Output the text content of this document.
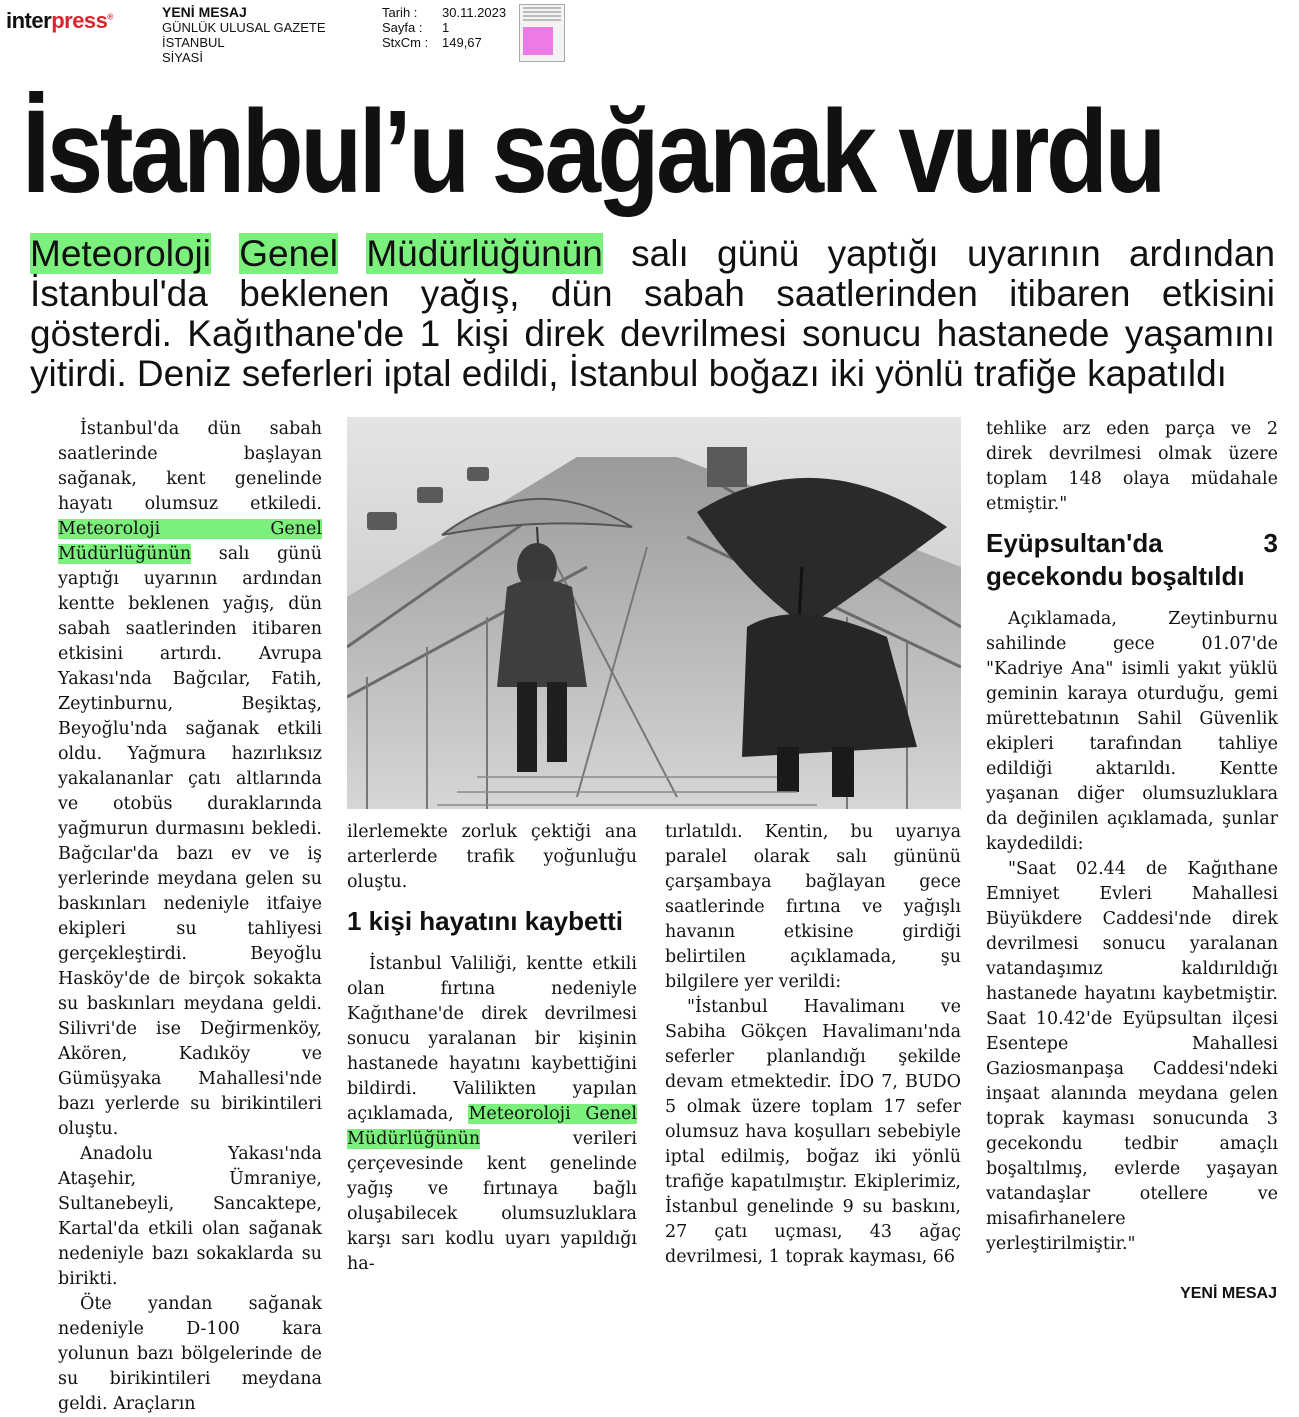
interpress®	YENİ MESAJ
GÜNLÜK ULUSAL GAZETE
İSTANBUL
SİYASİ
Tarih :	30.11.2023
Sayfa :	1
StxCm :	149,67
İstanbul’u sağanak vurdu
Meteoroloji Genel Müdürlüğünün salı günü yaptığı uyarının ardından İstanbul'da beklenen yağış, dün sabah saatlerinden itibaren etkisini gösterdi. Kağıthane'de 1 kişi direk devrilmesi sonucu hastanede yaşamını yitirdi. Deniz seferleri iptal edildi, İstanbul boğazı iki yönlü trafiğe kapatıldı

İstanbul'da dün sabah saatlerinde başlayan sağanak, kent genelinde hayatı olumsuz etkiledi. Meteoroloji Genel Müdürlüğünün salı günü yaptığı uyarının ardından kentte beklenen yağış, dün sabah saatlerinden itibaren etkisini artırdı. Avrupa Yakası'nda Bağcılar, Fatih, Zeytinburnu, Beşiktaş, Beyoğlu'nda sağanak etkili oldu. Yağmura hazırlıksız yakalananlar çatı altlarında ve otobüs duraklarında yağmurun durmasını bekledi. Bağcılar'da bazı ev ve iş yerlerinde meydana gelen su baskınları nedeniyle itfaiye ekipleri su tahliyesi gerçekleştirdi. Beyoğlu Hasköy'de de birçok sokakta su baskınları meydana geldi. Silivri'de ise Değirmenköy, Akören, Kadıköy ve Gümüşyaka Mahallesi'nde bazı yerlerde su birikintileri oluştu.

Anadolu Yakası'nda Ataşehir, Ümraniye, Sultanebeyli, Sancaktepe, Kartal'da etkili olan sağanak nedeniyle bazı sokaklarda su birikti.

Öte yandan sağanak nedeniyle D-100 kara yolunun bazı bölgelerinde de su birikintileri meydana geldi. Araçların

ilerlemekte zorluk çektiği ana arterlerde trafik yoğunluğu oluştu.

1 kişi hayatını kaybetti

İstanbul Valiliği, kentte etkili olan fırtına nedeniyle Kağıthane'de direk devrilmesi sonucu yaralanan bir kişinin hastanede hayatını kaybettiğini bildirdi. Valilikten yapılan açıklamada, Meteoroloji Genel Müdürlüğünün	verileri çerçevesinde kent genelinde yağış ve fırtınaya bağlı oluşabilecek olumsuzluklara karşı sarı kodlu uyarı yapıldığı ha-

tırlatıldı. Kentin, bu uyarıya paralel olarak salı gününü çarşambaya bağlayan gece saatlerinde fırtına ve yağışlı havanın etkisine girdiği belirtilen açıklamada, şu bilgilere yer verildi:

"İstanbul Havalimanı ve Sabiha Gökçen Havalimanı'nda seferler planlandığı şekilde devam etmektedir. İDO 7, BUDO 5 olmak üzere toplam 17 sefer olumsuz hava koşulları sebebiyle iptal edilmiş, boğaz iki yönlü trafiğe kapatılmıştır. Ekiplerimiz, İstanbul genelinde 9 su baskını, 27 çatı uçması, 43 ağaç devrilmesi, 1 toprak kayması, 66

tehlike arz eden parça ve 2 direk devrilmesi olmak üzere toplam 148 olaya müdahale etmiştir."

Eyüpsultan'da 3 gecekondu boşaltıldı

Açıklamada, Zeytinburnu sahilinde gece 01.07'de "Kadriye Ana" isimli yakıt yüklü geminin karaya oturduğu, gemi mürettebatının Sahil Güvenlik ekipleri tarafından tahliye edildiği aktarıldı. Kentte yaşanan diğer olumsuzluklara da değinilen açıklamada, şunlar kaydedildi:

"Saat 02.44 de Kağıthane Emniyet Evleri Mahallesi Büyükdere Caddesi'nde direk devrilmesi sonucu yaralanan vatandaşımız kaldırıldığı hastanede hayatını kaybetmiştir. Saat 10.42'de Eyüpsultan ilçesi Esentepe Mahallesi Gaziosmanpaşa Caddesi'ndeki inşaat alanında meydana gelen toprak kayması sonucunda 3 gecekondu tedbir amaçlı boşaltılmış, evlerde yaşayan vatandaşlar otellere ve misafirhanelere yerleştirilmiştir."

YENİ MESAJ
